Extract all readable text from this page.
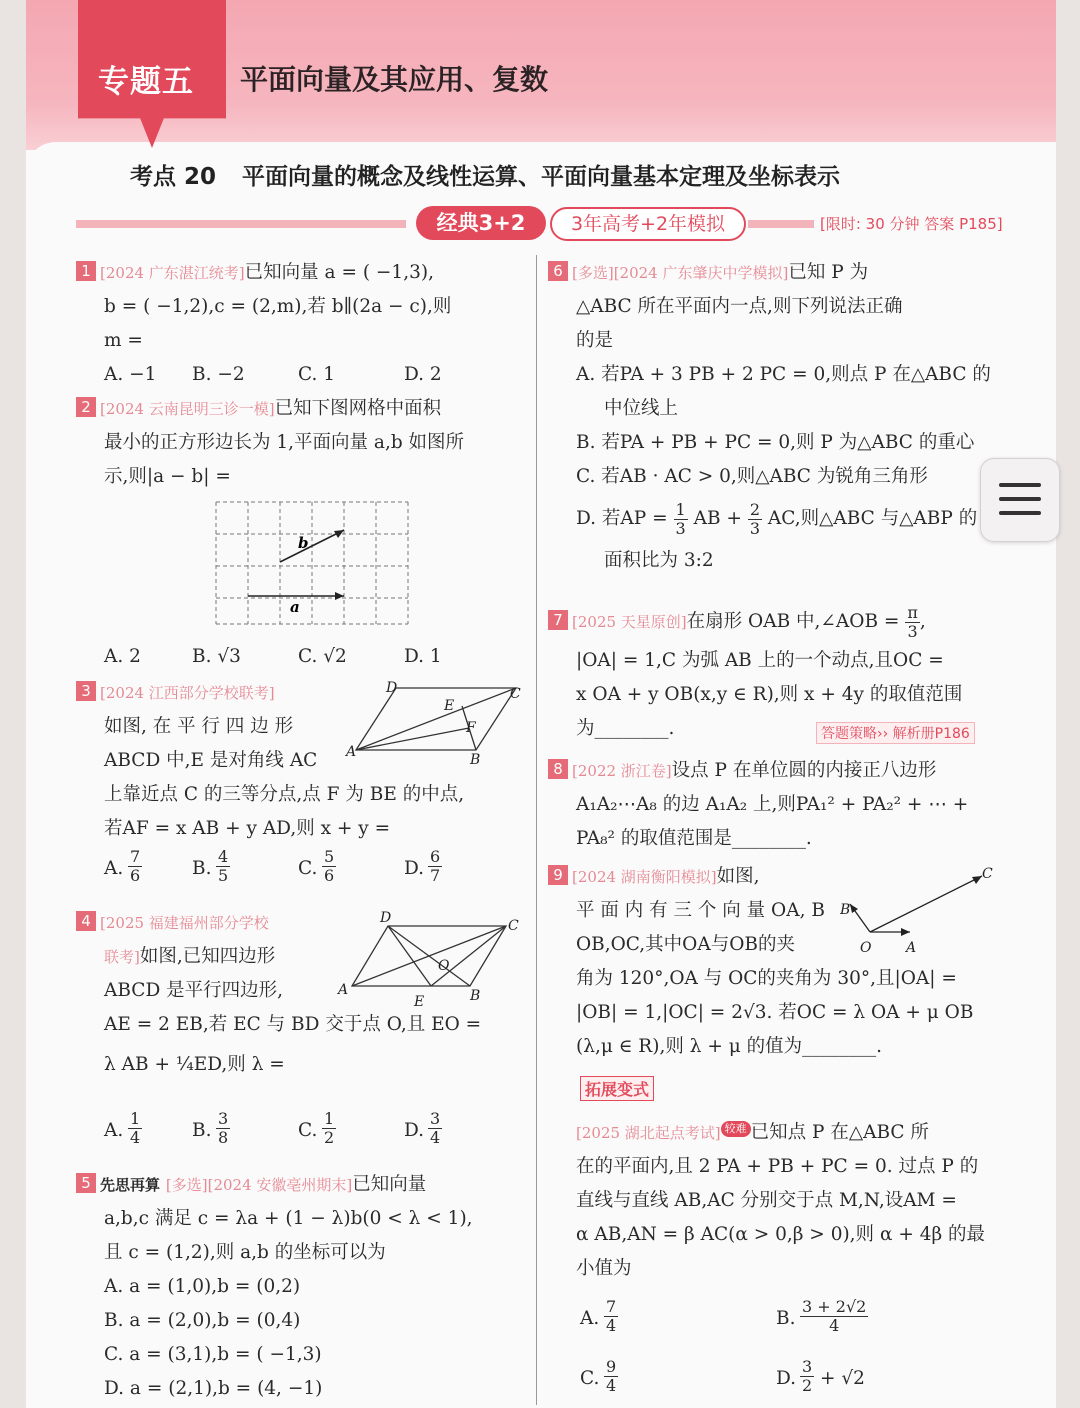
专题五 平面向量及其应用、复数
考点 20 平面向量的概念及线性运算、平面向量基本定理及坐标表示
经典3+2	3年高考+2年模拟	[限时: 30 分钟 答案 P185]
1 [2024 广东湛江统考]已知向量 a = ( −1,3),
b = ( −1,2),c = (2,m),若 b∥(2a − c),则
m =
A. −1 B. −2	C. 1	D. 2
2 [2024 云南昆明三诊一模]已知下图网格中面积
最小的正方形边长为 1,平面向量 a,b 如图所
示,则|a − b| =
b
a
A. 2	B. √3	C. √2	D. 1
3 [2024 江西部分学校联考]
如图, 在 平 行 四 边 形
ABCD 中,E 是对角线 AC
上靠近点 C 的三等分点,点 F 为 BE 的中点,
若AF = x AB + y AD,则 x + y =
D	C
E
F
A	B
A. $\frac{7}{6}$	B. $\frac{4}{5}$	C. $\frac{5}{6}$	D. $\frac{6}{7}$
4 [2025 福建福州部分学校
联考]如图,已知四边形
ABCD 是平行四边形,
AE = 2 EB,若 EC 与 BD 交于点 O,且 EO =
λ AB + ¼ED,则 λ =
D	C
O
A
E	B
A. $\frac{1}{4}$	B. $\frac{3}{8}$	C. $\frac{1}{2}$	D. $\frac{3}{4}$
5 先思再算 [多选][2024 安徽亳州期末]已知向量
a,b,c 满足 c = λa + (1 − λ)b(0 < λ < 1),
且 c = (1,2),则 a,b 的坐标可以为
A. a = (1,0),b = (0,2)
B. a = (2,0),b = (0,4)
C. a = (3,1),b = ( −1,3)
D. a = (2,1),b = (4, −1)
6 [多选][2024 广东肇庆中学模拟]已知 P 为
△ABC 所在平面内一点,则下列说法正确
的是
A. 若PA + 3 PB + 2 PC = 0,则点 P 在△ABC 的
中位线上
B. 若PA + PB + PC = 0,则 P 为△ABC 的重心
C. 若AB · AC > 0,则△ABC 为锐角三角形
D. 若AP = $\frac{1}{3}$ AB + $\frac{2}{3}$ AC,则△ABC 与△ABP 的
面积比为 3:2
7 [2025 天星原创]在扇形 OAB 中,∠AOB = $\frac{\pi}{3}$ ,
|OA| = 1,C 为弧 AB 上的一个动点,且OC =
x OA + y OB(x,y ∈ R),则 x + 4y 的取值范围
为________.	答题策略›› 解析册P186
8 [2022 浙江卷]设点 P 在单位圆的内接正八边形
A₁A₂⋯A₈ 的边 A₁A₂ 上,则PA₁² + PA₂² + ⋯ +
PA₈² 的取值范围是________.
9 [2024 湖南衡阳模拟]如图,
平 面 内 有 三 个 向 量 OA, B
OB,OC,其中OA与OB的夹
角为 120°,OA 与 OC的夹角为 30°,且|OA| =
|OB| = 1,|OC| = 2√3. 若OC = λ OA + μ OB
(λ,μ ∈ R),则 λ + μ 的值为________.
C
B
O A
拓展变式
[2025 湖北起点考试] 较难 已知点 P 在△ABC 所
在的平面内,且 2 PA + PB + PC = 0. 过点 P 的
直线与直线 AB,AC 分别交于点 M,N,设AM =
α AB,AN = β AC(α > 0,β > 0),则 α + 4β 的最
小值为
A. $\frac{7}{4}$	B. $\frac{3 + 2√2}{4}$
C. $\frac{9}{4}$	D. $\frac{3}{2} + √2$
